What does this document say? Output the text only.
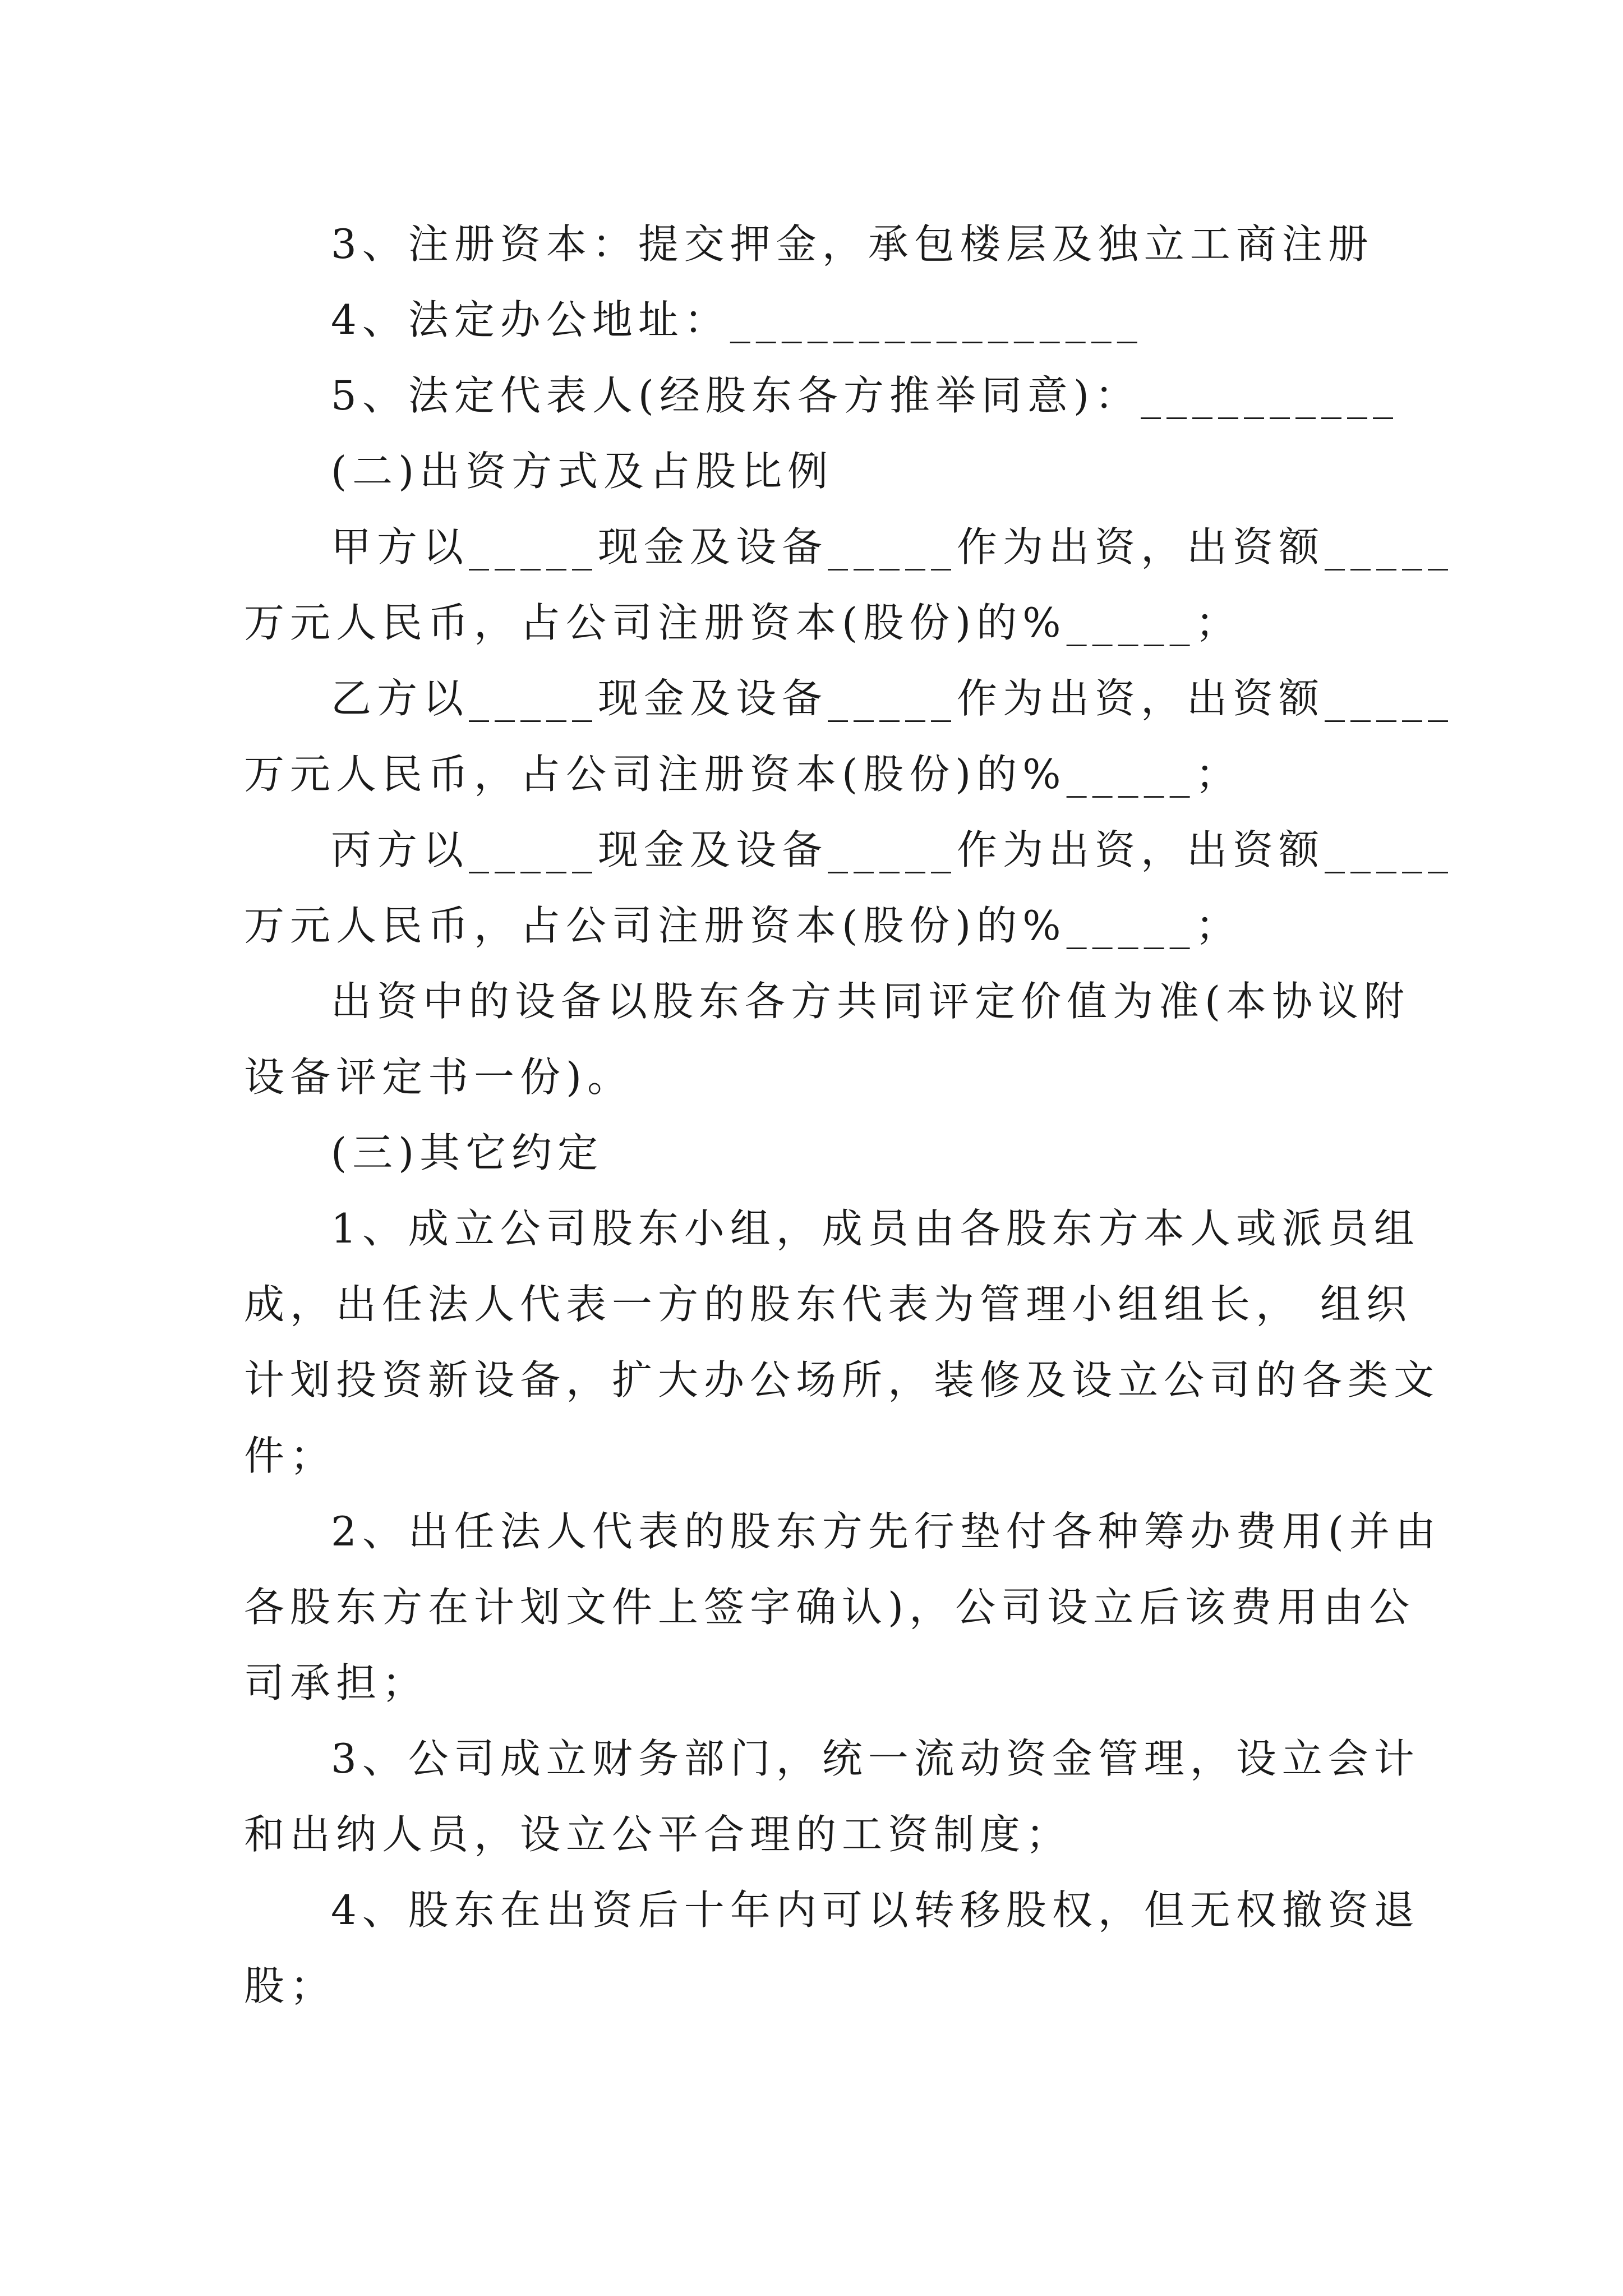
3、注册资本：提交押金，承包楼层及独立工商注册
4、法定办公地址：________________
5、法定代表人(经股东各方推举同意)：__________
(二)出资方式及占股比例
甲方以_____现金及设备_____作为出资，出资额_____
万元人民币，占公司注册资本(股份)的%_____；
乙方以_____现金及设备_____作为出资，出资额_____
万元人民币，占公司注册资本(股份)的%_____；
丙方以_____现金及设备_____作为出资，出资额_____
万元人民币，占公司注册资本(股份)的%_____；
出资中的设备以股东各方共同评定价值为准(本协议附
设备评定书一份)。
(三)其它约定
1、成立公司股东小组，成员由各股东方本人或派员组
成，出任法人代表一方的股东代表为管理小组组长， 组织
计划投资新设备，扩大办公场所，装修及设立公司的各类文
件；
2、出任法人代表的股东方先行垫付各种筹办费用(并由
各股东方在计划文件上签字确认)，公司设立后该费用由公
司承担；
3、公司成立财务部门，统一流动资金管理，设立会计
和出纳人员，设立公平合理的工资制度；
4、股东在出资后十年内可以转移股权，但无权撤资退
股；
